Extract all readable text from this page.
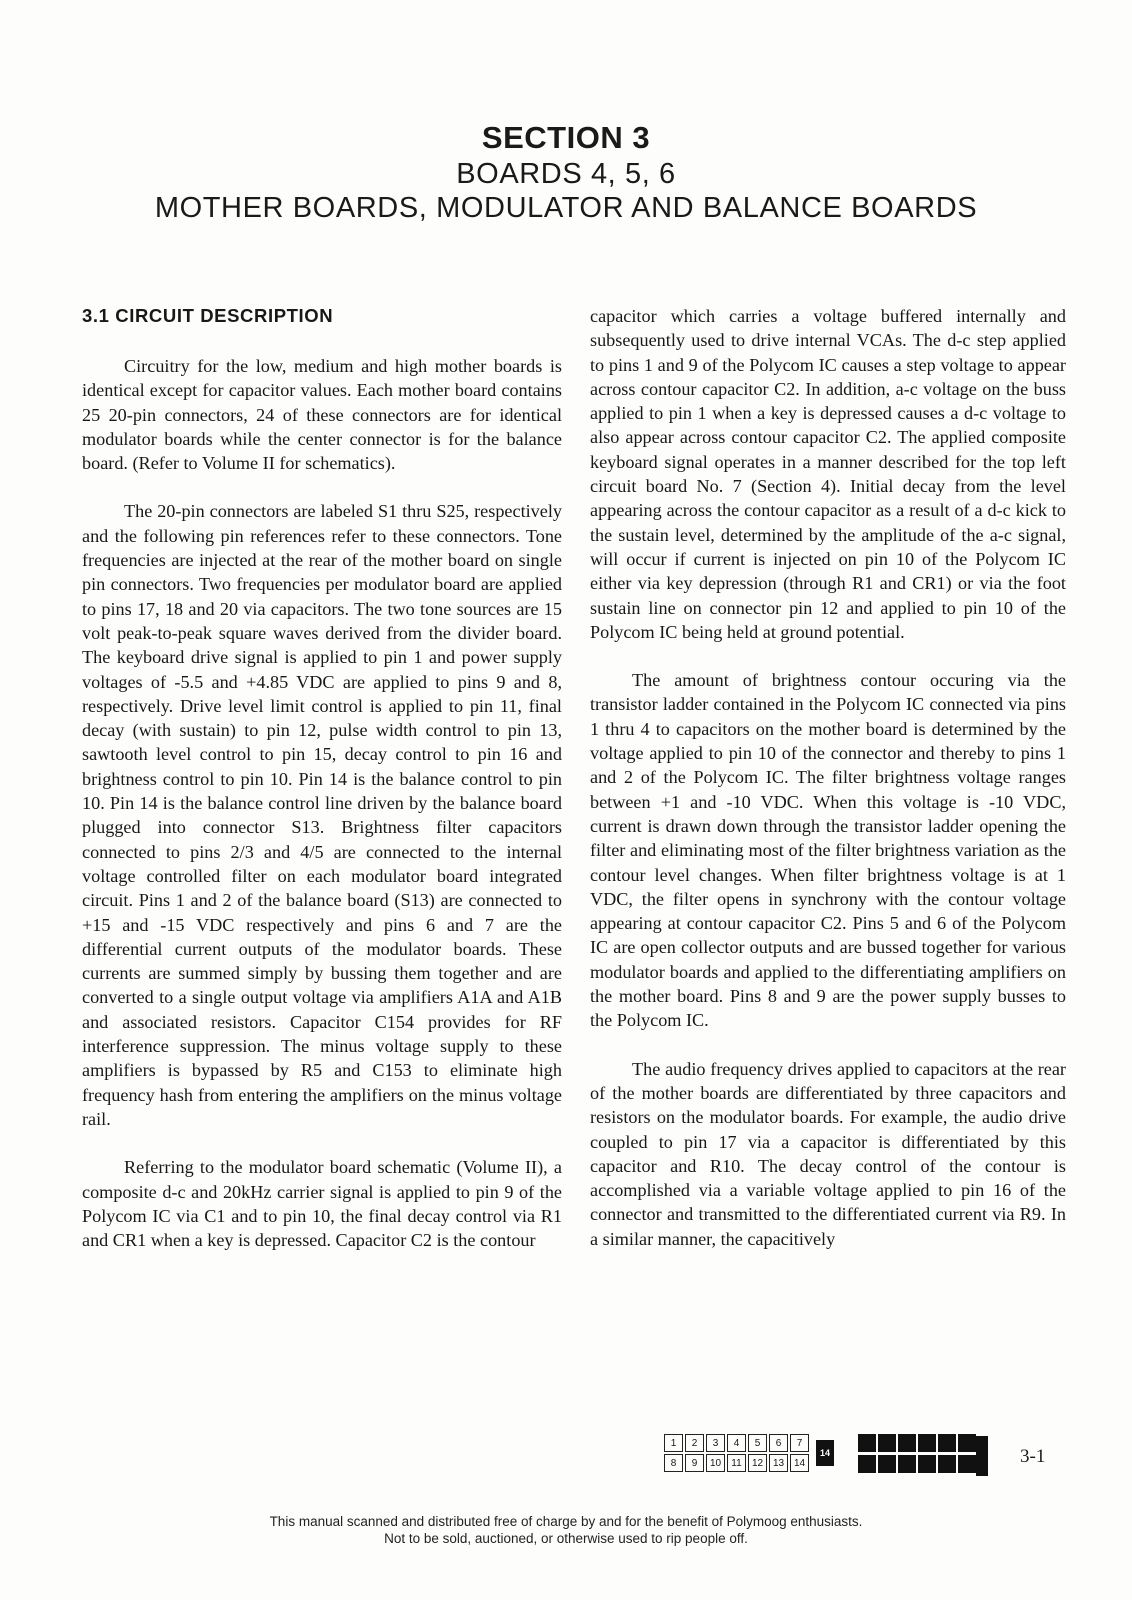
SECTION 3
BOARDS 4, 5, 6
MOTHER BOARDS, MODULATOR AND BALANCE BOARDS
3.1 CIRCUIT DESCRIPTION

Circuitry for the low, medium and high mother boards is identical except for capacitor values. Each mother board contains 25 20-pin connectors, 24 of these connectors are for identical modulator boards while the center connector is for the balance board. (Refer to Volume II for schematics).

The 20-pin connectors are labeled S1 thru S25, respectively and the following pin references refer to these connectors. Tone frequencies are injected at the rear of the mother board on single pin connectors. Two frequencies per modulator board are applied to pins 17, 18 and 20 via capacitors. The two tone sources are 15 volt peak-to-peak square waves derived from the divider board. The keyboard drive signal is applied to pin 1 and power supply voltages of -5.5 and +4.85 VDC are applied to pins 9 and 8, respectively. Drive level limit control is applied to pin 11, final decay (with sustain) to pin 12, pulse width control to pin 13, sawtooth level control to pin 15, decay control to pin 16 and brightness control to pin 10. Pin 14 is the balance control to pin 10. Pin 14 is the balance control line driven by the balance board plugged into connector S13. Brightness filter capacitors connected to pins 2/3 and 4/5 are connected to the internal voltage controlled filter on each modulator board integrated circuit. Pins 1 and 2 of the balance board (S13) are connected to +15 and -15 VDC respectively and pins 6 and 7 are the differential current outputs of the modulator boards. These currents are summed simply by bussing them together and are converted to a single output voltage via amplifiers A1A and A1B and associated resistors. Capacitor C154 provides for RF interference suppression. The minus voltage supply to these amplifiers is bypassed by R5 and C153 to eliminate high frequency hash from entering the amplifiers on the minus voltage rail.

Referring to the modulator board schematic (Volume II), a composite d-c and 20kHz carrier signal is applied to pin 9 of the Polycom IC via C1 and to pin 10, the final decay control via R1 and CR1 when a key is depressed. Capacitor C2 is the contour

capacitor which carries a voltage buffered internally and subsequently used to drive internal VCAs. The d-c step applied to pins 1 and 9 of the Polycom IC causes a step voltage to appear across contour capacitor C2. In addition, a-c voltage on the buss applied to pin 1 when a key is depressed causes a d-c voltage to also appear across contour capacitor C2. The applied composite keyboard signal operates in a manner described for the top left circuit board No. 7 (Section 4). Initial decay from the level appearing across the contour capacitor as a result of a d-c kick to the sustain level, determined by the amplitude of the a-c signal, will occur if current is injected on pin 10 of the Polycom IC either via key depression (through R1 and CR1) or via the foot sustain line on connector pin 12 and applied to pin 10 of the Polycom IC being held at ground potential.

The amount of brightness contour occuring via the transistor ladder contained in the Polycom IC connected via pins 1 thru 4 to capacitors on the mother board is determined by the voltage applied to pin 10 of the connector and thereby to pins 1 and 2 of the Polycom IC. The filter brightness voltage ranges between +1 and -10 VDC. When this voltage is -10 VDC, current is drawn down through the transistor ladder opening the filter and eliminating most of the filter brightness variation as the contour level changes. When filter brightness voltage is at 1 VDC, the filter opens in synchrony with the contour voltage appearing at contour capacitor C2. Pins 5 and 6 of the Polycom IC are open collector outputs and are bussed together for various modulator boards and applied to the differentiating amplifiers on the mother board. Pins 8 and 9 are the power supply busses to the Polycom IC.

The audio frequency drives applied to capacitors at the rear of the mother boards are differentiated by three capacitors and resistors on the modulator boards. For example, the audio drive coupled to pin 17 via a capacitor is differentiated by this capacitor and R10. The decay control of the contour is accomplished via a variable voltage applied to pin 16 of the connector and transmitted to the differentiated current via R9. In a similar manner, the capacitively

1	2	3	4	5	6	7
8	9	10	11	12 13 14
14	3-1
This manual scanned and distributed free of charge by and for the benefit of Polymoog enthusiasts.
Not to be sold, auctioned, or otherwise used to rip people off.
